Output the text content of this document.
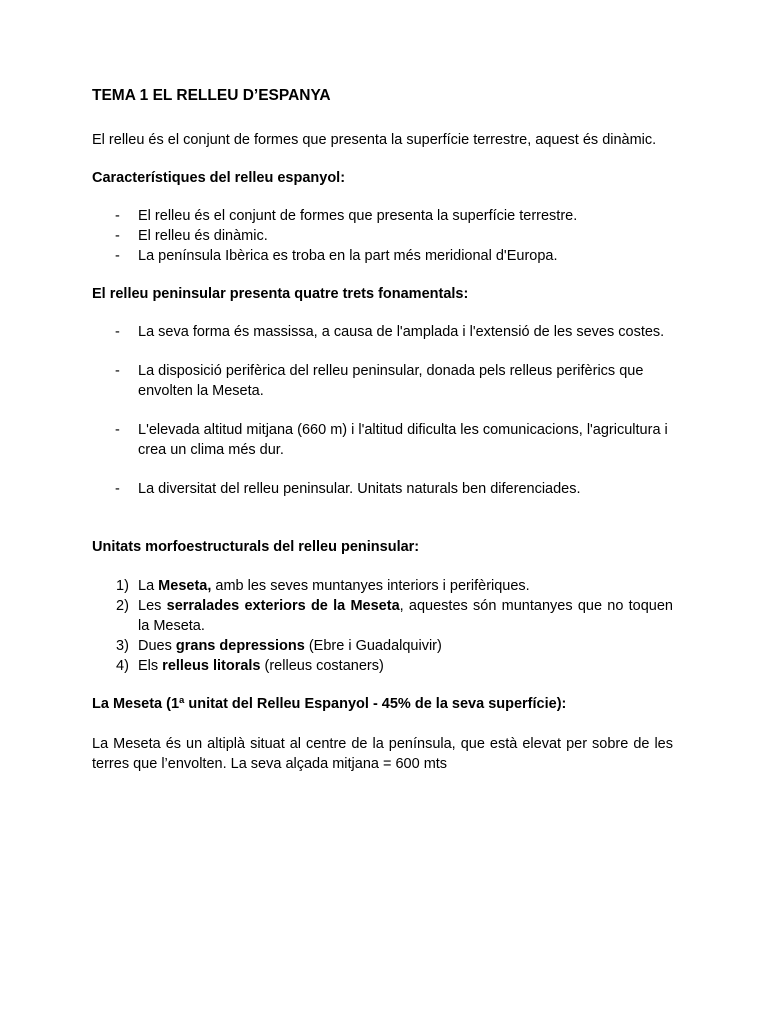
TEMA 1 EL RELLEU D’ESPANYA

El relleu és el conjunt de formes que presenta la superfície terrestre, aquest és dinàmic.

Característiques del relleu espanyol:

- El relleu és el conjunt de formes que presenta la superfície terrestre.
- El relleu és dinàmic.
- La península Ibèrica es troba en la part més meridional d'Europa.

El relleu peninsular presenta quatre trets fonamentals:

- La seva forma és massissa, a causa de l'amplada i l'extensió de les seves costes.
- La disposició perifèrica del relleu peninsular, donada pels relleus perifèrics que envolten la Meseta.
- L'elevada altitud mitjana (660 m) i l'altitud dificulta les comunicacions, l'agricultura i crea un clima més dur.
- La diversitat del relleu peninsular. Unitats naturals ben diferenciades.

Unitats morfoestructurals del relleu peninsular:

1) La Meseta, amb les seves muntanyes interiors i perifèriques.
2) Les serralades exteriors de la Meseta, aquestes són muntanyes que no toquen la Meseta.
3) Dues grans depressions (Ebre i Guadalquivir)
4) Els relleus litorals (relleus costaners)

La Meseta (1ª unitat del Relleu Espanyol - 45% de la seva superfície):

La Meseta és un altiplà situat al centre de la península, que està elevat per sobre de les terres que l’envolten. La seva alçada mitjana = 600 mts
